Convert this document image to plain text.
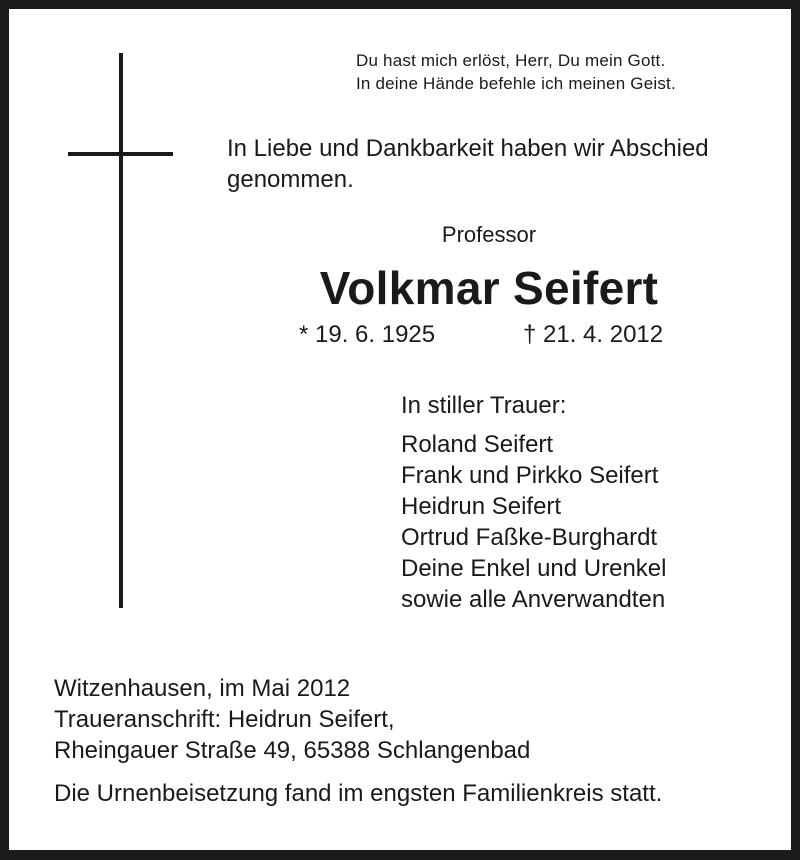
Du hast mich erlöst, Herr, Du mein Gott.
In deine Hände befehle ich meinen Geist.
In Liebe und Dankbarkeit haben wir Abschied
genommen.
Professor
Volkmar Seifert
* 19. 6. 1925	† 21. 4. 2012
In stiller Trauer:
Roland Seifert
Frank und Pirkko Seifert
Heidrun Seifert
Ortrud Faßke-Burghardt
Deine Enkel und Urenkel
sowie alle Anverwandten
Witzenhausen, im Mai 2012
Traueranschrift: Heidrun Seifert,
Rheingauer Straße 49, 65388 Schlangenbad
Die Urnenbeisetzung fand im engsten Familienkreis statt.
